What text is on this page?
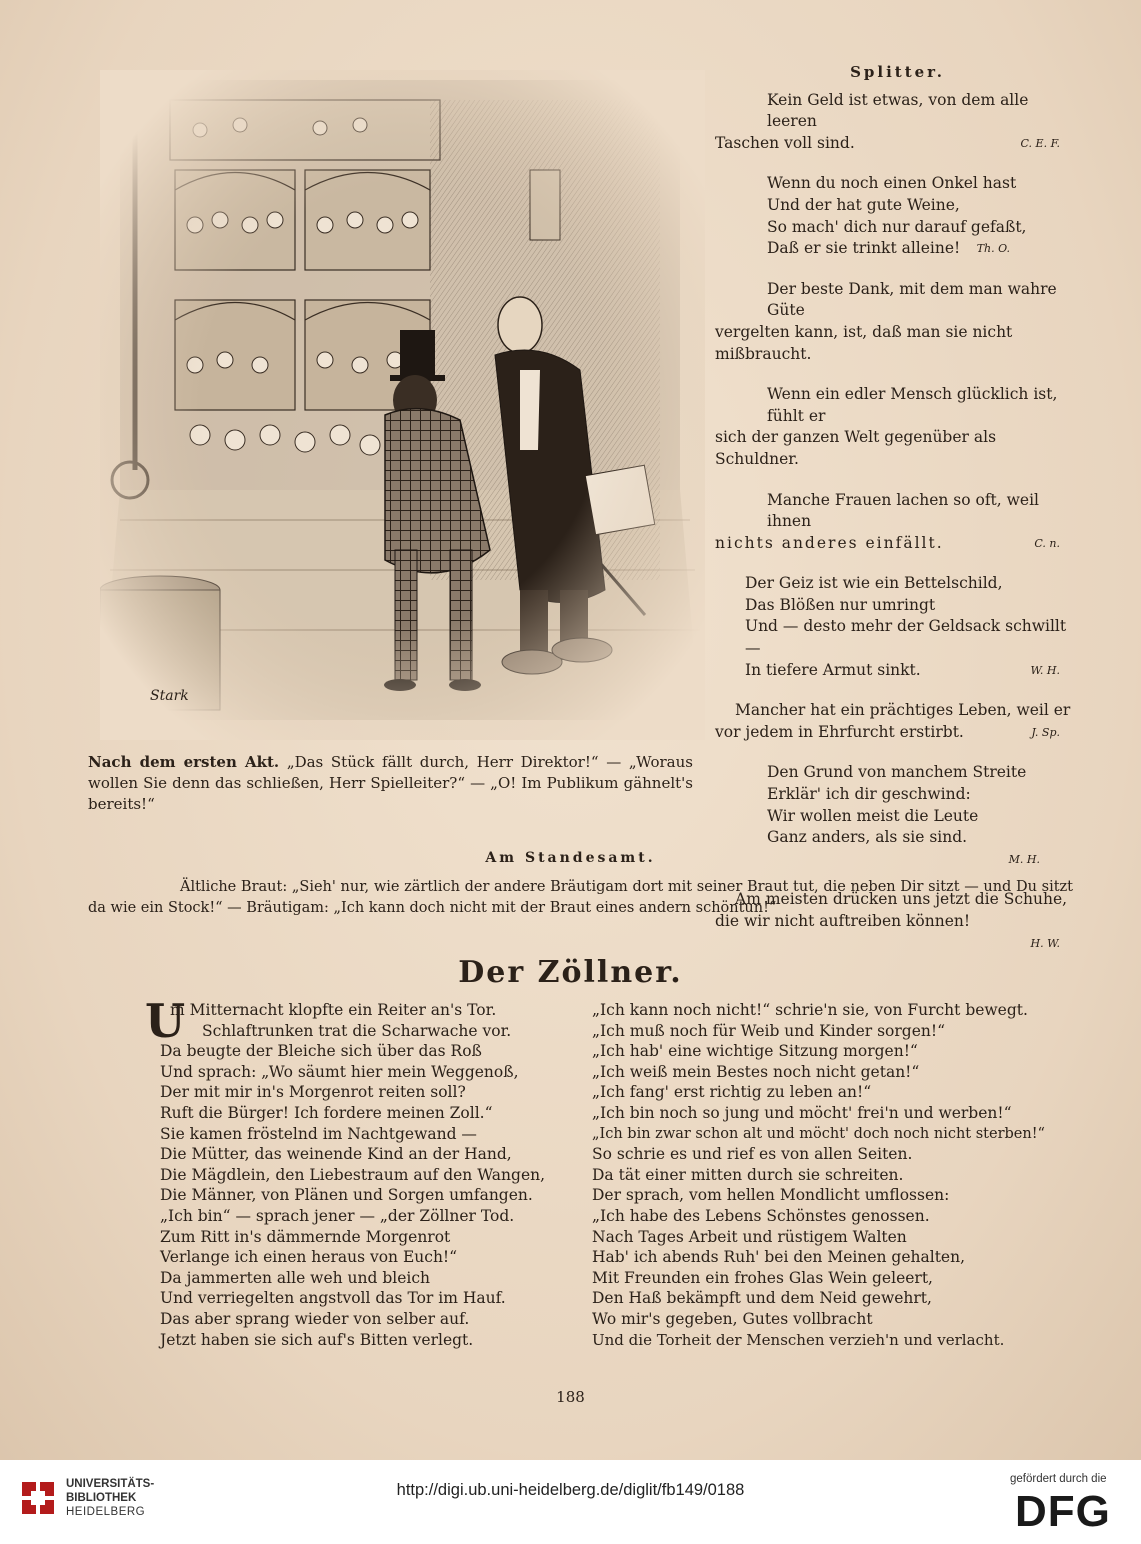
Stark
Nach dem ersten Akt. „Das Stück fällt durch, Herr Direktor!“ — „Woraus wollen Sie denn das schließen, Herr Spielleiter?“ — „O! Im Publikum gähnelt's bereits!“
Splitter.
Kein Geld ist etwas, von dem alle leeren
Taschen voll sind.	C. E. F.
Wenn du noch einen Onkel hast
Und der hat gute Weine,
So mach' dich nur darauf gefaßt,
Daß er sie trinkt alleine! Th. O.
Der beste Dank, mit dem man wahre Güte
vergelten kann, ist, daß man sie nicht mißbraucht.
Wenn ein edler Mensch glücklich ist, fühlt er
sich der ganzen Welt gegenüber als Schuldner.
Manche Frauen lachen so oft, weil ihnen
nichts anderes einfällt.	C. n.
Der Geiz ist wie ein Bettelschild,
Das Blößen nur umringt
Und — desto mehr der Geldsack schwillt —
In tiefere Armut sinkt.	W. H.
Mancher hat ein prächtiges Leben, weil er
vor jedem in Ehrfurcht erstirbt.	J. Sp.
Den Grund von manchem Streite
Erklär' ich dir geschwind:
Wir wollen meist die Leute
Ganz anders, als sie sind.
M. H.
Am meisten drücken uns jetzt die Schuhe,
die wir nicht auftreiben können!
H. W.
Am Standesamt.
Ältliche Braut: „Sieh' nur, wie zärtlich der andere Bräutigam dort mit seiner Braut tut, die neben Dir sitzt — und Du sitzt da wie ein Stock!“ — Bräutigam: „Ich kann doch nicht mit der Braut eines andern schöntun!“
Der Zöllner.
U
m Mitternacht klopfte ein Reiter an's Tor.
Schlaftrunken trat die Scharwache vor.
Da beugte der Bleiche sich über das Roß
Und sprach: „Wo säumt hier mein Weggenoß,
Der mit mir in's Morgenrot reiten soll?
Ruft die Bürger! Ich fordere meinen Zoll.“
Sie kamen fröstelnd im Nachtgewand —
Die Mütter, das weinende Kind an der Hand,
Die Mägdlein, den Liebestraum auf den Wangen,
Die Männer, von Plänen und Sorgen umfangen.
„Ich bin“ — sprach jener — „der Zöllner Tod.
Zum Ritt in's dämmernde Morgenrot
Verlange ich einen heraus von Euch!“
Da jammerten alle weh und bleich
Und verriegelten angstvoll das Tor im Hauf.
Das aber sprang wieder von selber auf.
Jetzt haben sie sich auf's Bitten verlegt.
„Ich kann noch nicht!“ schrie'n sie, von Furcht bewegt.
„Ich muß noch für Weib und Kinder sorgen!“
„Ich hab' eine wichtige Sitzung morgen!“
„Ich weiß mein Bestes noch nicht getan!“
„Ich fang' erst richtig zu leben an!“
„Ich bin noch so jung und möcht' frei'n und werben!“
„Ich bin zwar schon alt und möcht' doch noch nicht sterben!“
So schrie es und rief es von allen Seiten.
Da tät einer mitten durch sie schreiten.
Der sprach, vom hellen Mondlicht umflossen:
„Ich habe des Lebens Schönstes genossen.
Nach Tages Arbeit und rüstigem Walten
Hab' ich abends Ruh' bei den Meinen gehalten,
Mit Freunden ein frohes Glas Wein geleert,
Den Haß bekämpft und dem Neid gewehrt,
Wo mir's gegeben, Gutes vollbracht
Und die Torheit der Menschen verzieh'n und verlacht.
188
UNIVERSITÄTS-
BIBLIOTHEK
HEIDELBERG
http://digi.ub.uni-heidelberg.de/diglit/fb149/0188
gefördert durch die
DFG
